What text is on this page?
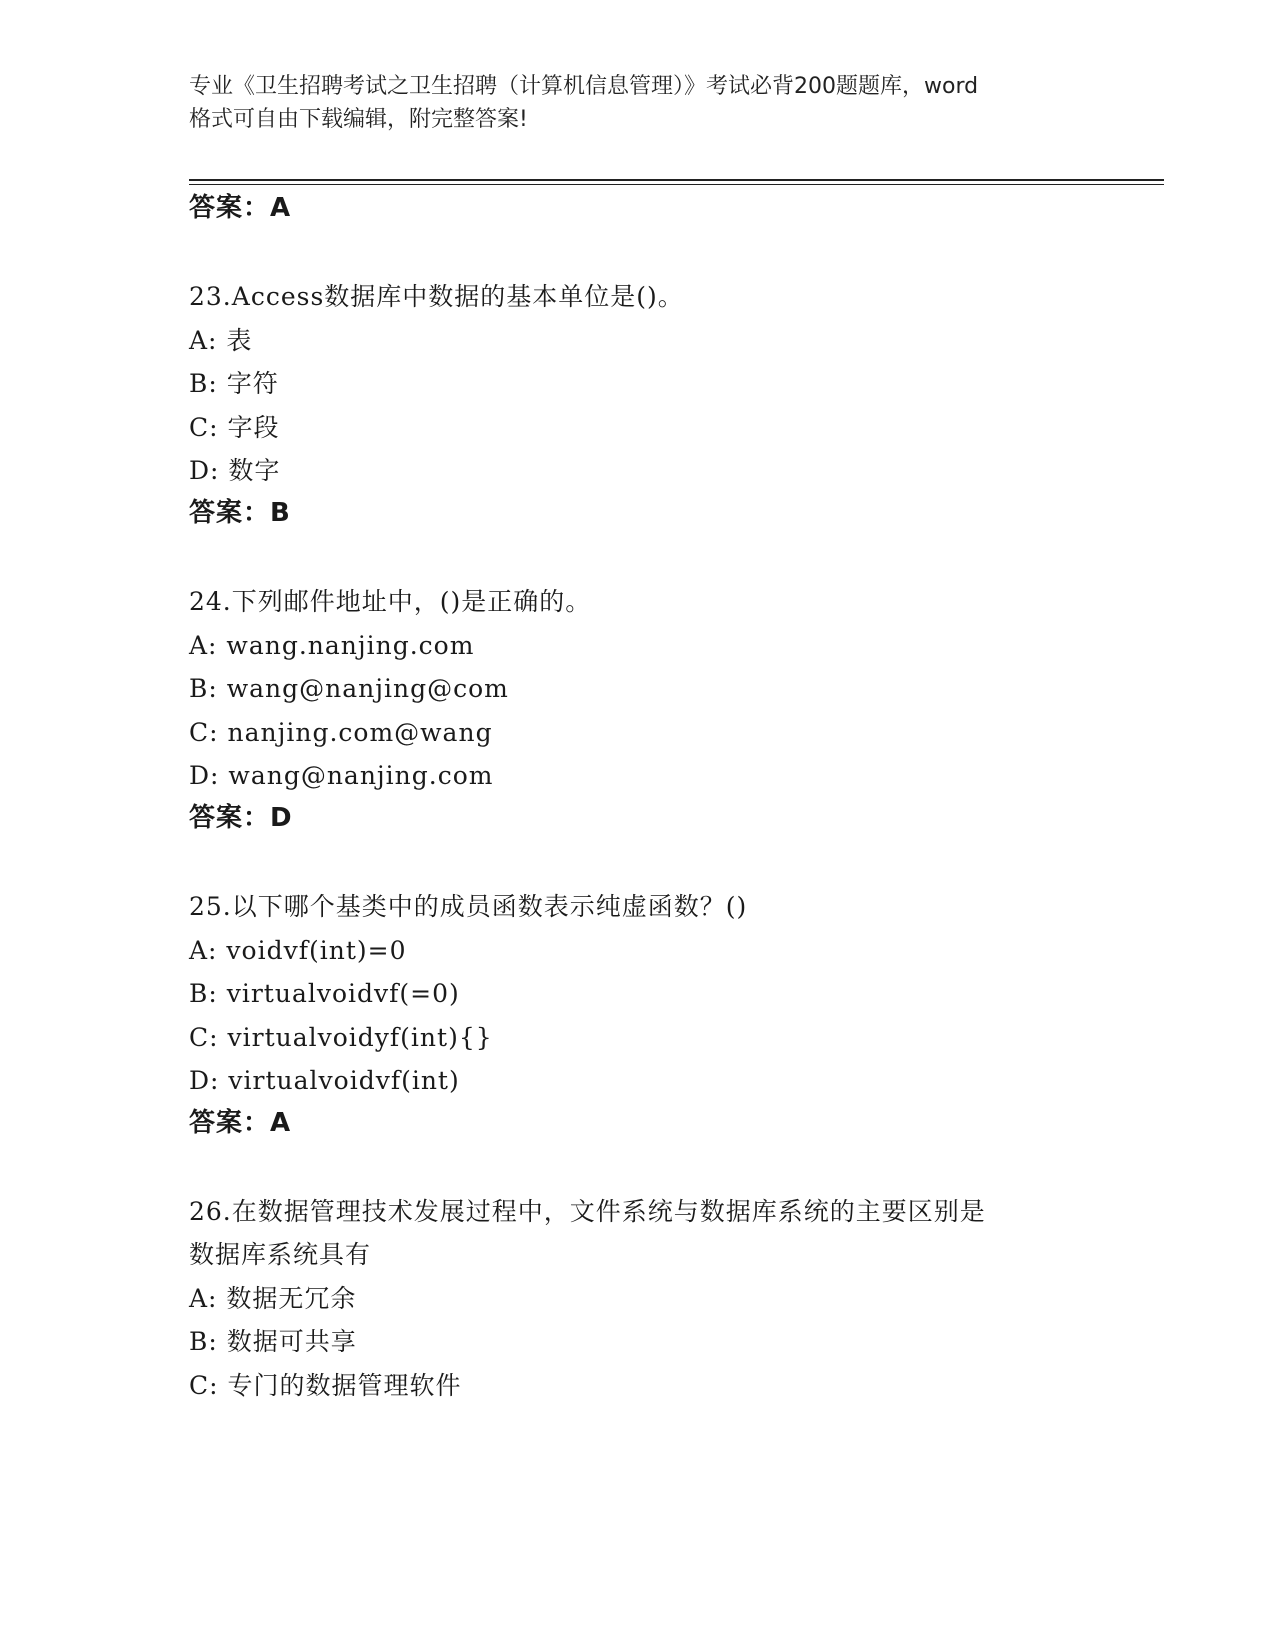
专业《卫生招聘考试之卫生招聘（计算机信息管理）》考试必背200题题库，word
格式可自由下载编辑，附完整答案!
答案：A
23.Access数据库中数据的基本单位是()。
A: 表
B: 字符
C: 字段
D: 数字
答案：B
24.下列邮件地址中，()是正确的。
A: wang.nanjing.com
B: wang@nanjing@com
C: nanjing.com@wang
D: wang@nanjing.com
答案：D
25.以下哪个基类中的成员函数表示纯虚函数？()
A: voidvf(int)=0
B: virtualvoidvf(=0)
C: virtualvoidyf(int){}
D: virtualvoidvf(int)
答案：A
26.在数据管理技术发展过程中，文件系统与数据库系统的主要区别是
数据库系统具有
A: 数据无冗余
B: 数据可共享
C: 专门的数据管理软件
